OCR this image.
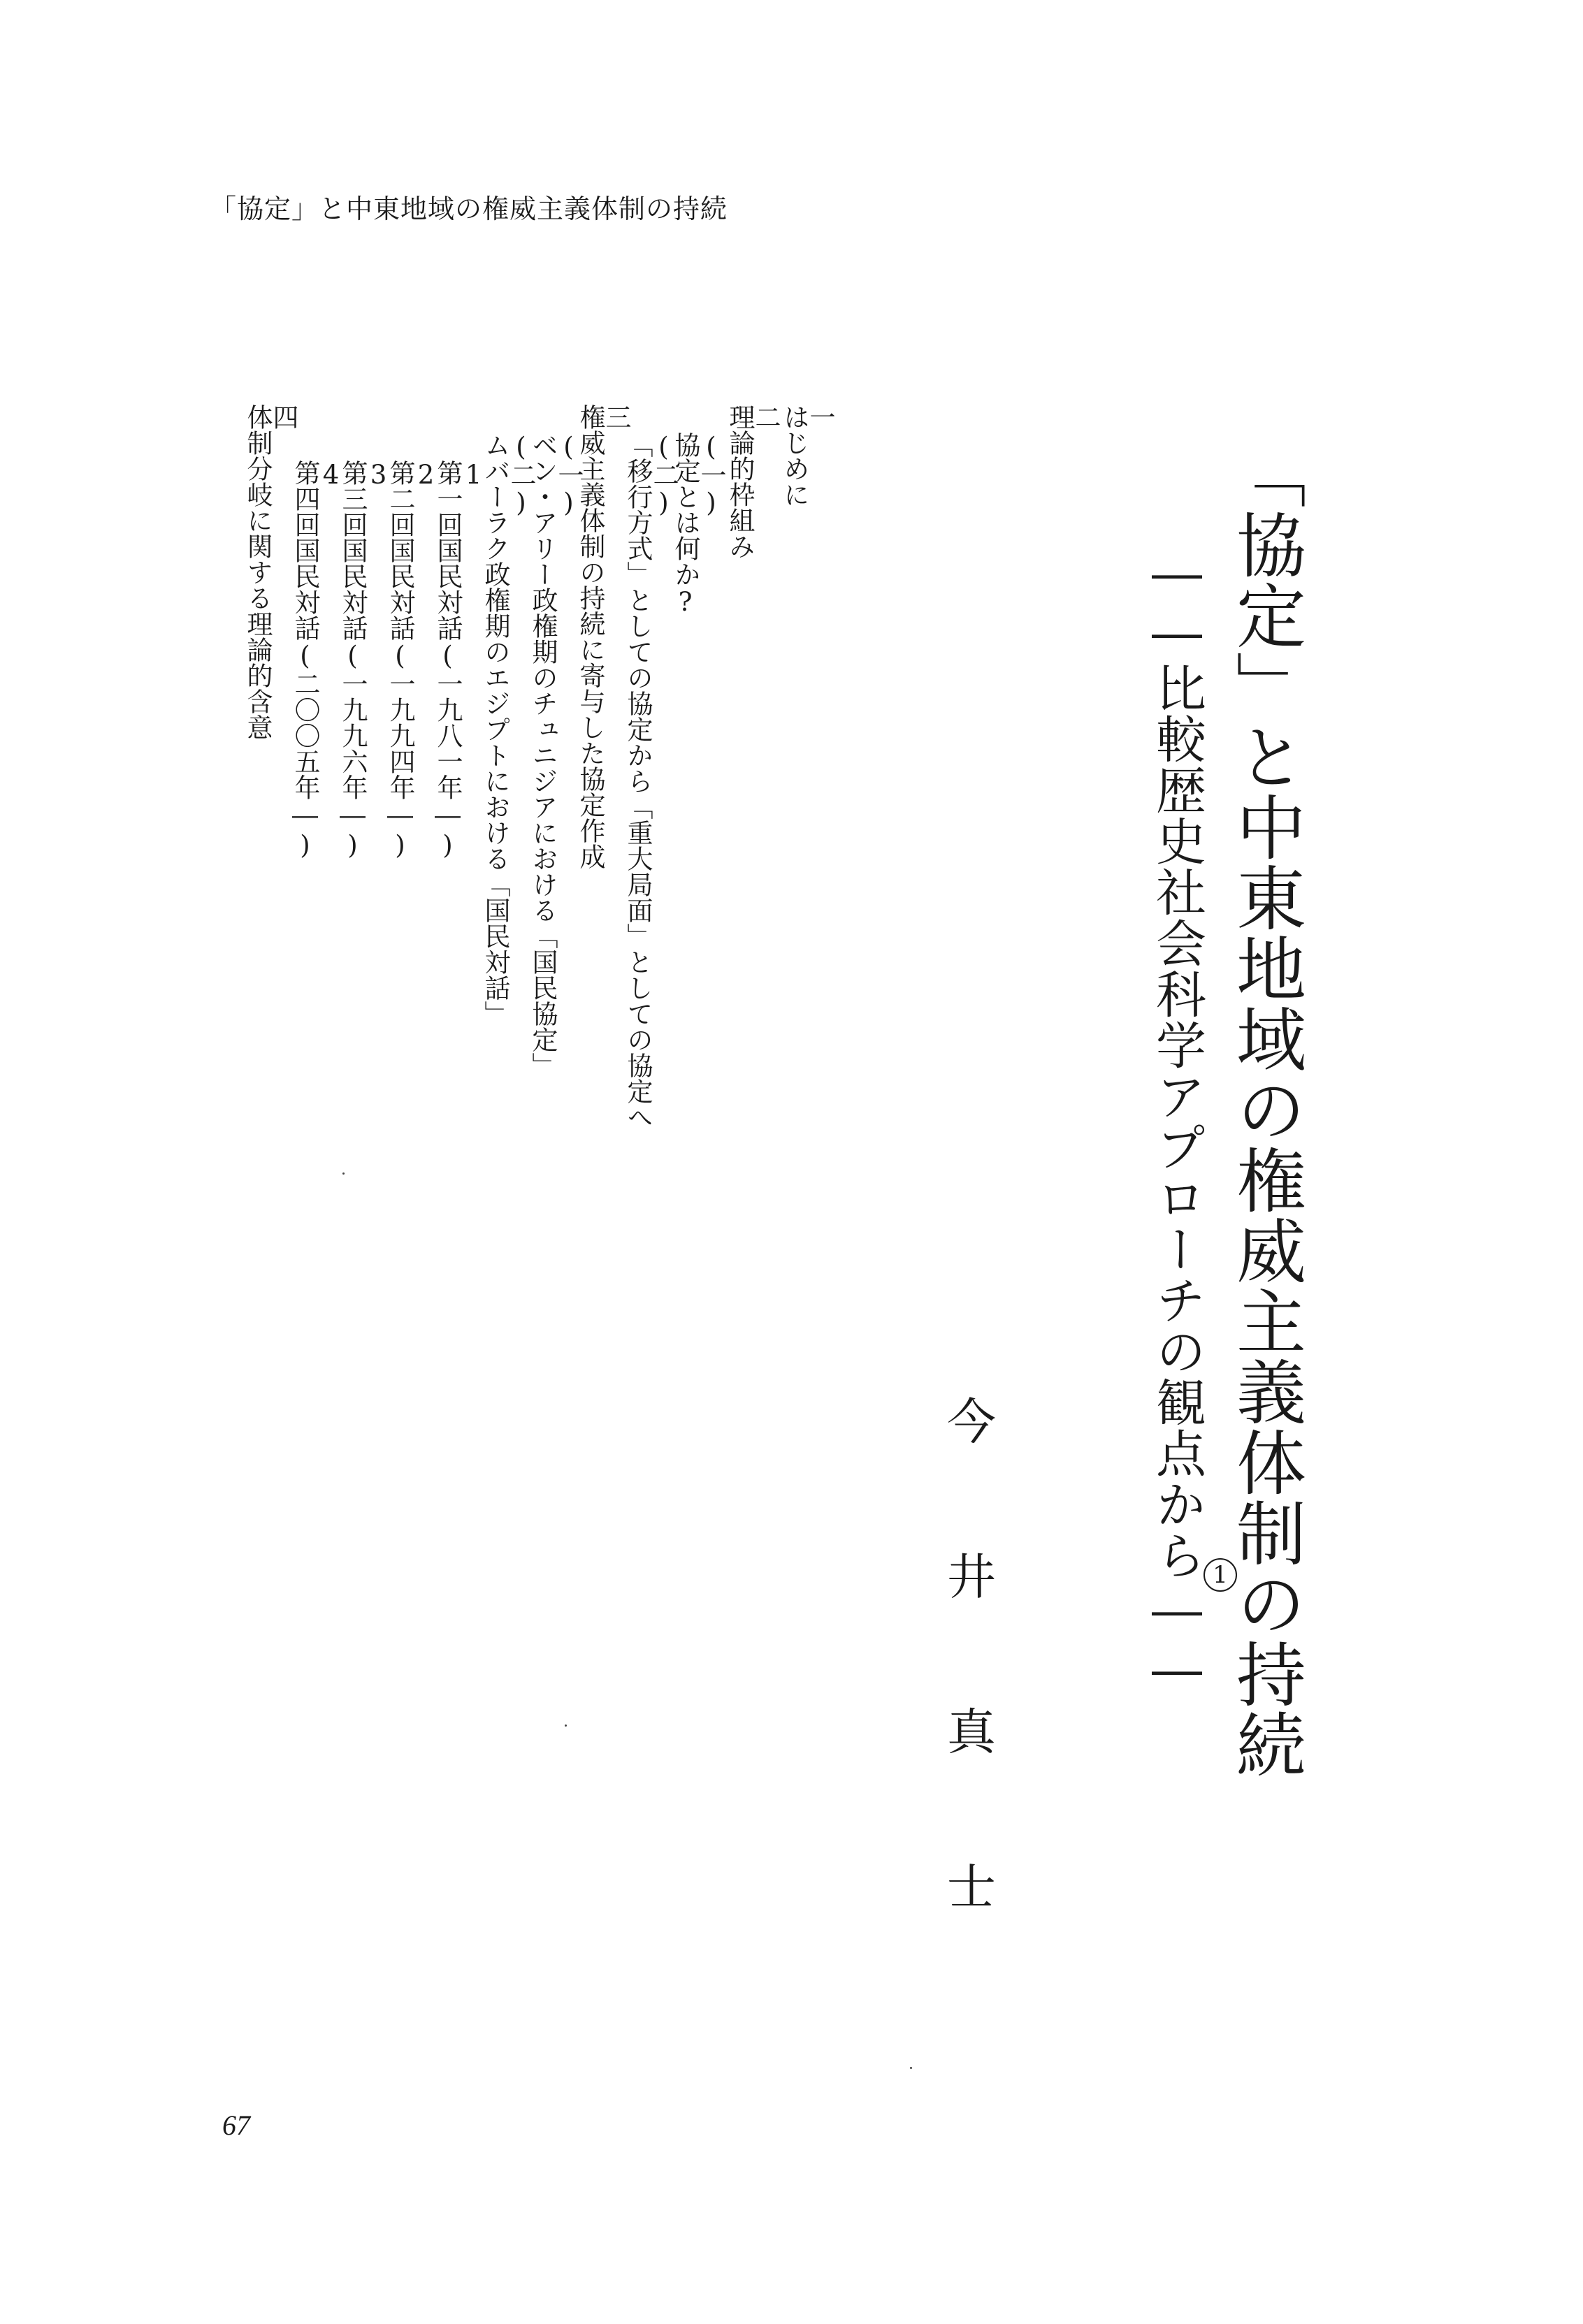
「協定」と中東地域の権威主義体制の持続
「協定」と中東地域の権威主義体制の持続
1
――比較歴史社会科学アプローチの観点から――
今
井
真
士
一
はじめに
二
理論的枠組み
(一)
協定とは何か?
(二)
「移行方式」としての協定から「重大局面」としての協定へ
三
権威主義体制の持続に寄与した協定作成
(一)
ベン・アリー政権期のチュニジアにおける「国民協定」
(二)
ムバーラク政権期のエジプトにおける「国民対話」
1
第一回国民対話(一九八一年―)
2
第二回国民対話(一九九四年―)
3
第三回国民対話(一九九六年―)
4
第四回国民対話(二〇〇五年―)
四
体制分岐に関する理論的含意
67
